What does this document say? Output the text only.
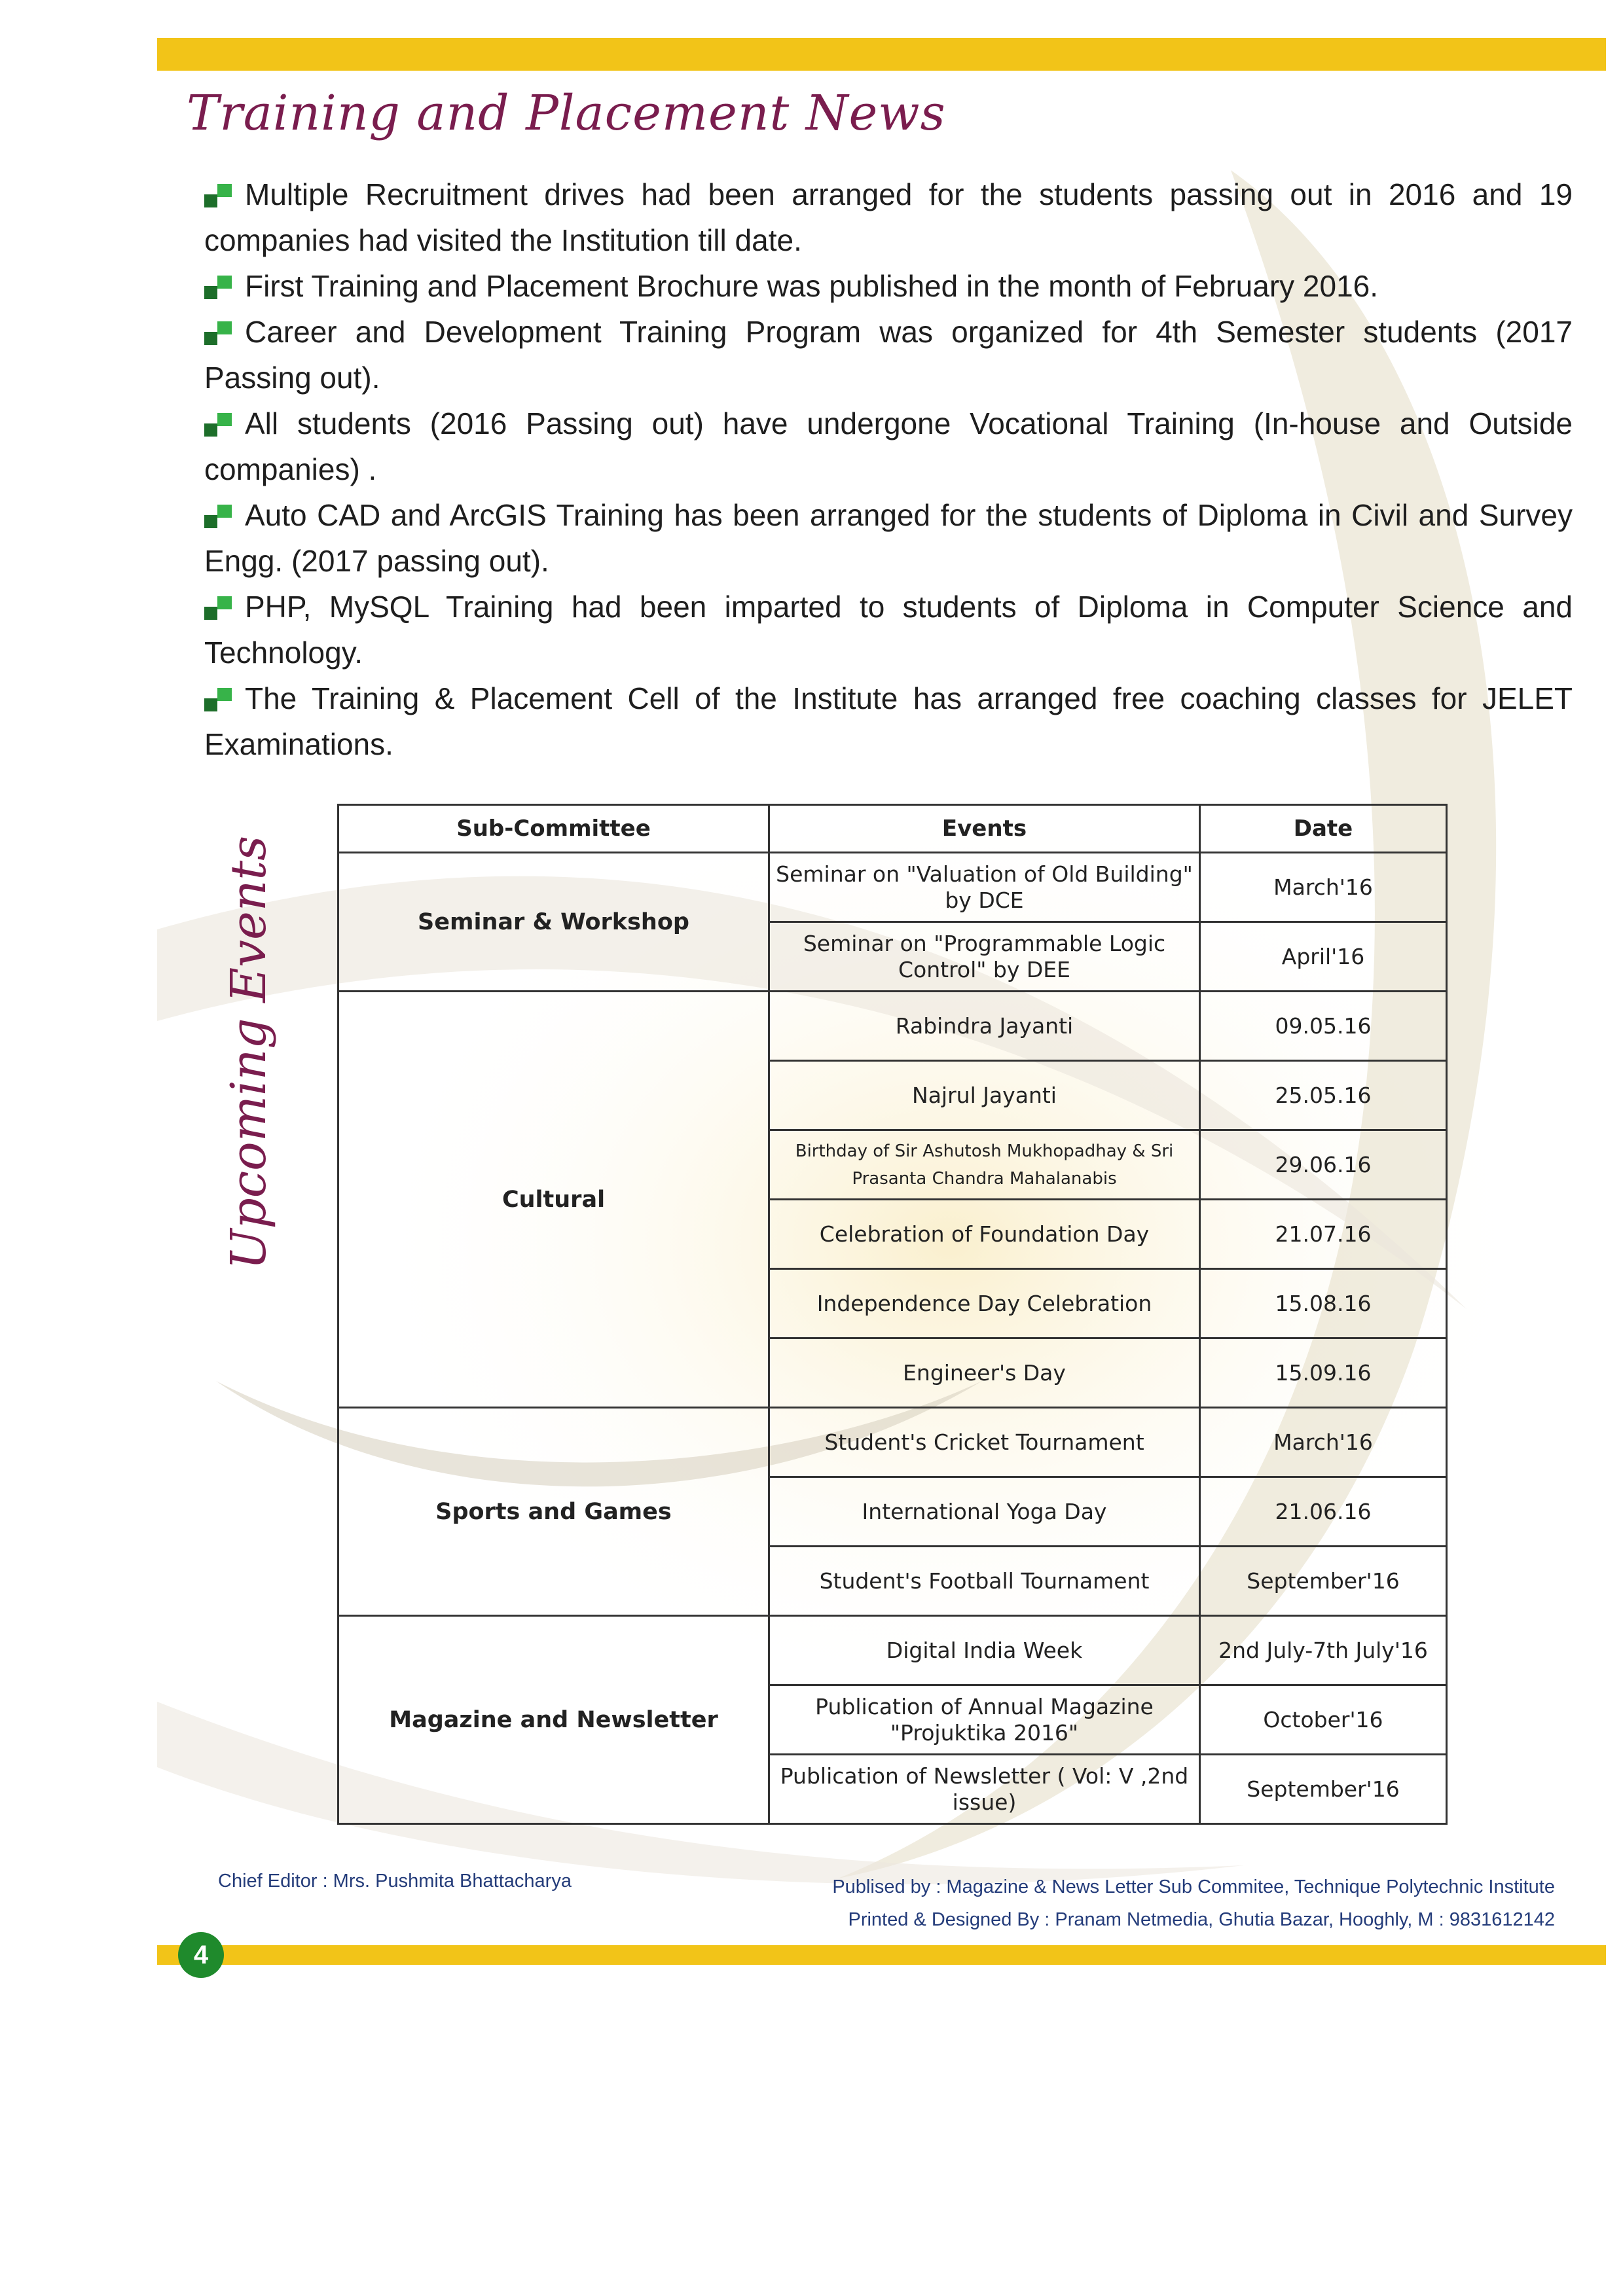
Training and Placement News
Multiple Recruitment drives had been arranged for the students passing out in 2016 and 19 companies had visited the Institution till date.
First Training and Placement Brochure was published in the month of February 2016.
Career and Development Training Program was organized for 4th Semester students (2017 Passing out).
All students (2016 Passing out) have undergone Vocational Training (In-house and Outside companies) .
Auto CAD and ArcGIS Training has been arranged for the students of Diploma in Civil and Survey Engg. (2017 passing out).
PHP, MySQL Training had been imparted to students of Diploma in Computer Science and Technology.
The Training & Placement Cell of the Institute has arranged free coaching classes for JELET Examinations.
Upcoming Events
Sub-Committee	Events	Date
Seminar & Workshop	Seminar on "Valuation of Old Building" by DCE	March'16
	Seminar on "Programmable Logic Control" by DEE	April'16
Cultural	Rabindra Jayanti	09.05.16
	Najrul Jayanti	25.05.16
	Birthday of Sir Ashutosh Mukhopadhay & Sri Prasanta Chandra Mahalanabis	29.06.16
	Celebration of Foundation Day	21.07.16
	Independence Day Celebration	15.08.16
	Engineer's Day	15.09.16
Sports and Games	Student's Cricket Tournament	March'16
	International Yoga Day	21.06.16
	Student's Football Tournament	September'16
Magazine and Newsletter	Digital India Week	2nd July-7th July'16
	Publication of Annual Magazine "Projuktika 2016"	October'16
	Publication of Newsletter ( Vol: V ,2nd issue)	September'16
Chief Editor : Mrs. Pushmita Bhattacharya	Publised by : Magazine & News Letter Sub Commitee, Technique Polytechnic Institute
Printed & Designed By : Pranam Netmedia, Ghutia Bazar, Hooghly, M : 9831612142
4
